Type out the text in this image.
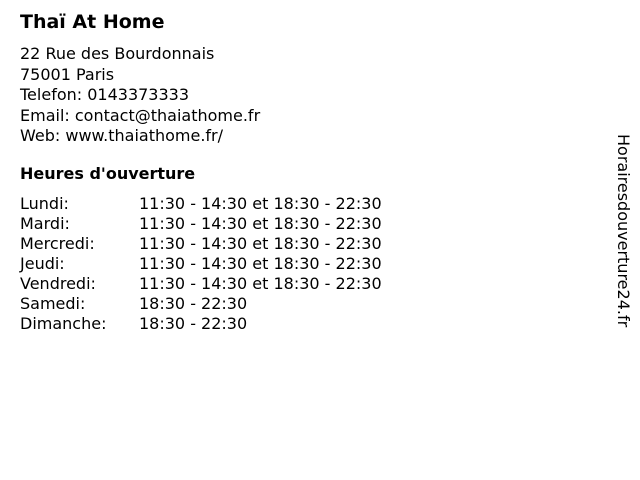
Thaï At Home
22 Rue des Bourdonnais
75001 Paris
Telefon: 0143373333
Email: contact@thaiathome.fr
Web: www.thaiathome.fr/
Heures d'ouverture
Lundi:	11:30 - 14:30 et 18:30 - 22:30
Mardi:	11:30 - 14:30 et 18:30 - 22:30
Mercredi:	11:30 - 14:30 et 18:30 - 22:30
Jeudi:	11:30 - 14:30 et 18:30 - 22:30
Vendredi:	11:30 - 14:30 et 18:30 - 22:30
Samedi:	18:30 - 22:30
Dimanche:	18:30 - 22:30	Horairesdouverture24.fr
